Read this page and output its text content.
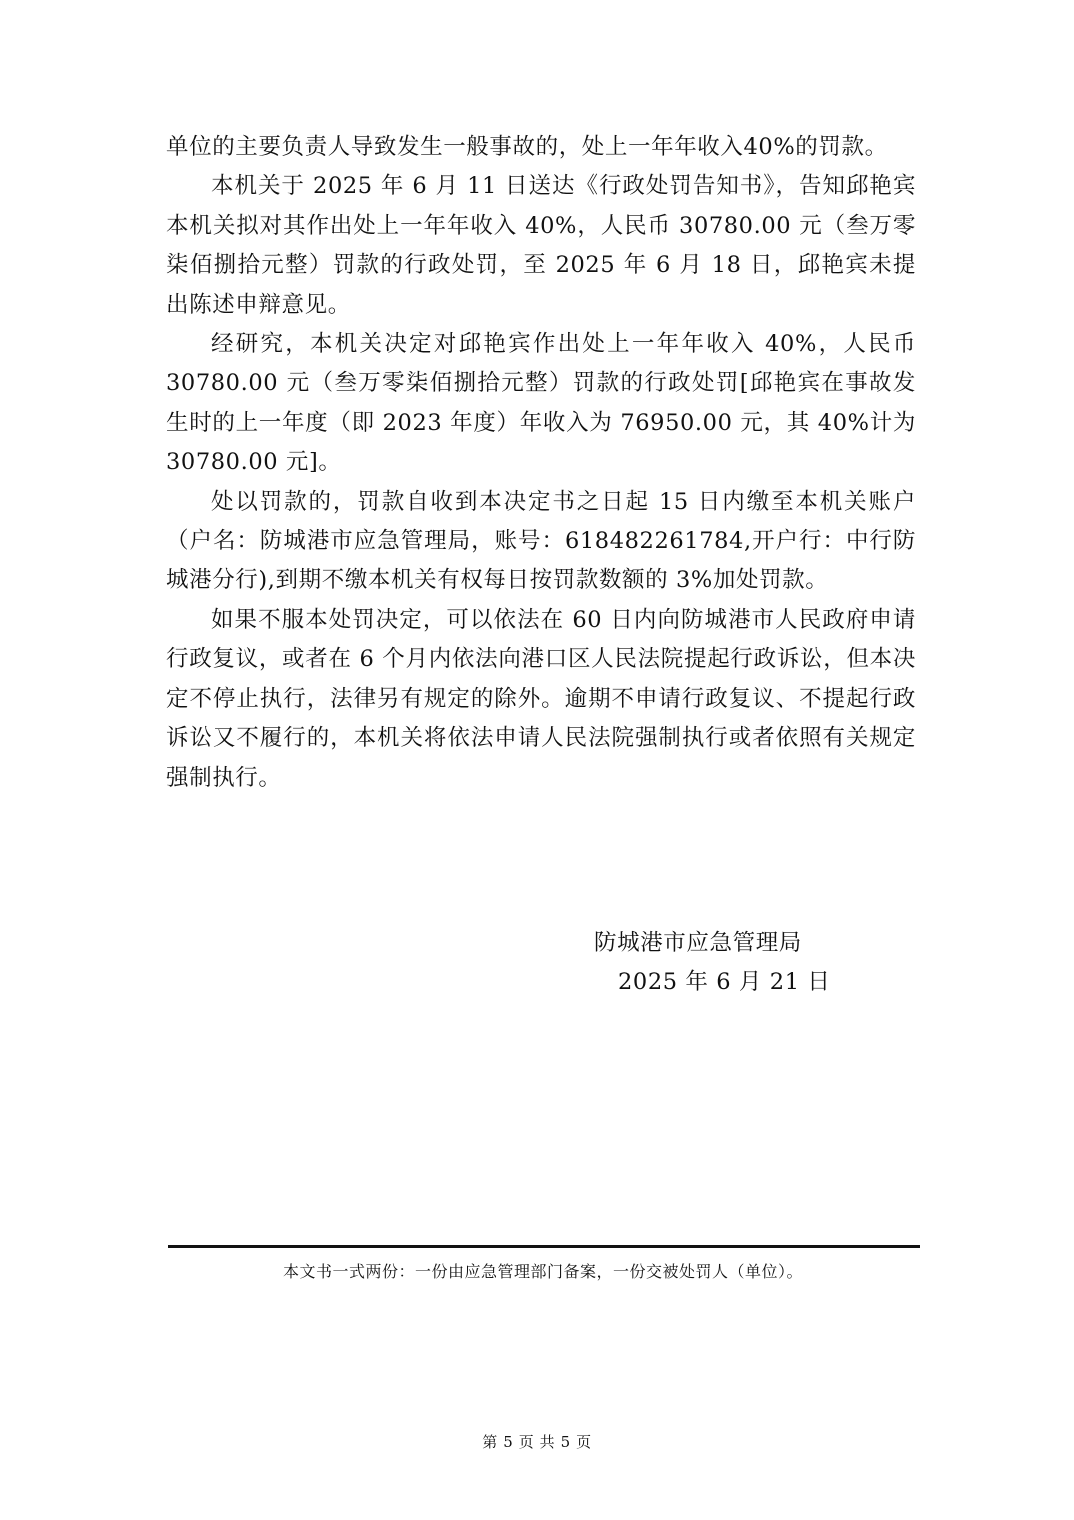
单位的主要负责人导致发生一般事故的，处上一年年收入40%的罚款。

本机关于 2025 年 6 月 11 日送达《行政处罚告知书》，告知邱艳宾本机关拟对其作出处上一年年收入 40%，人民币 30780.00 元（叁万零柒佰捌拾元整）罚款的行政处罚，至 2025 年 6 月 18 日，邱艳宾未提出陈述申辩意见。

经研究，本机关决定对邱艳宾作出处上一年年收入 40%，人民币 30780.00 元（叁万零柒佰捌拾元整）罚款的行政处罚[邱艳宾在事故发生时的上一年度（即 2023 年度）年收入为 76950.00 元，其 40%计为 30780.00 元]。

处以罚款的，罚款自收到本决定书之日起 15 日内缴至本机关账户（户名：防城港市应急管理局，账号：618482261784,开户行：中行防城港分行),到期不缴本机关有权每日按罚款数额的 3%加处罚款。

如果不服本处罚决定，可以依法在 60 日内向防城港市人民政府申请行政复议，或者在 6 个月内依法向港口区人民法院提起行政诉讼，但本决定不停止执行，法律另有规定的除外。逾期不申请行政复议、不提起行政诉讼又不履行的，本机关将依法申请人民法院强制执行或者依照有关规定强制执行。

防城港市应急管理局
2025 年 6 月 21 日
本文书一式两份：一份由应急管理部门备案，一份交被处罚人（单位）。
第 5 页 共 5 页
